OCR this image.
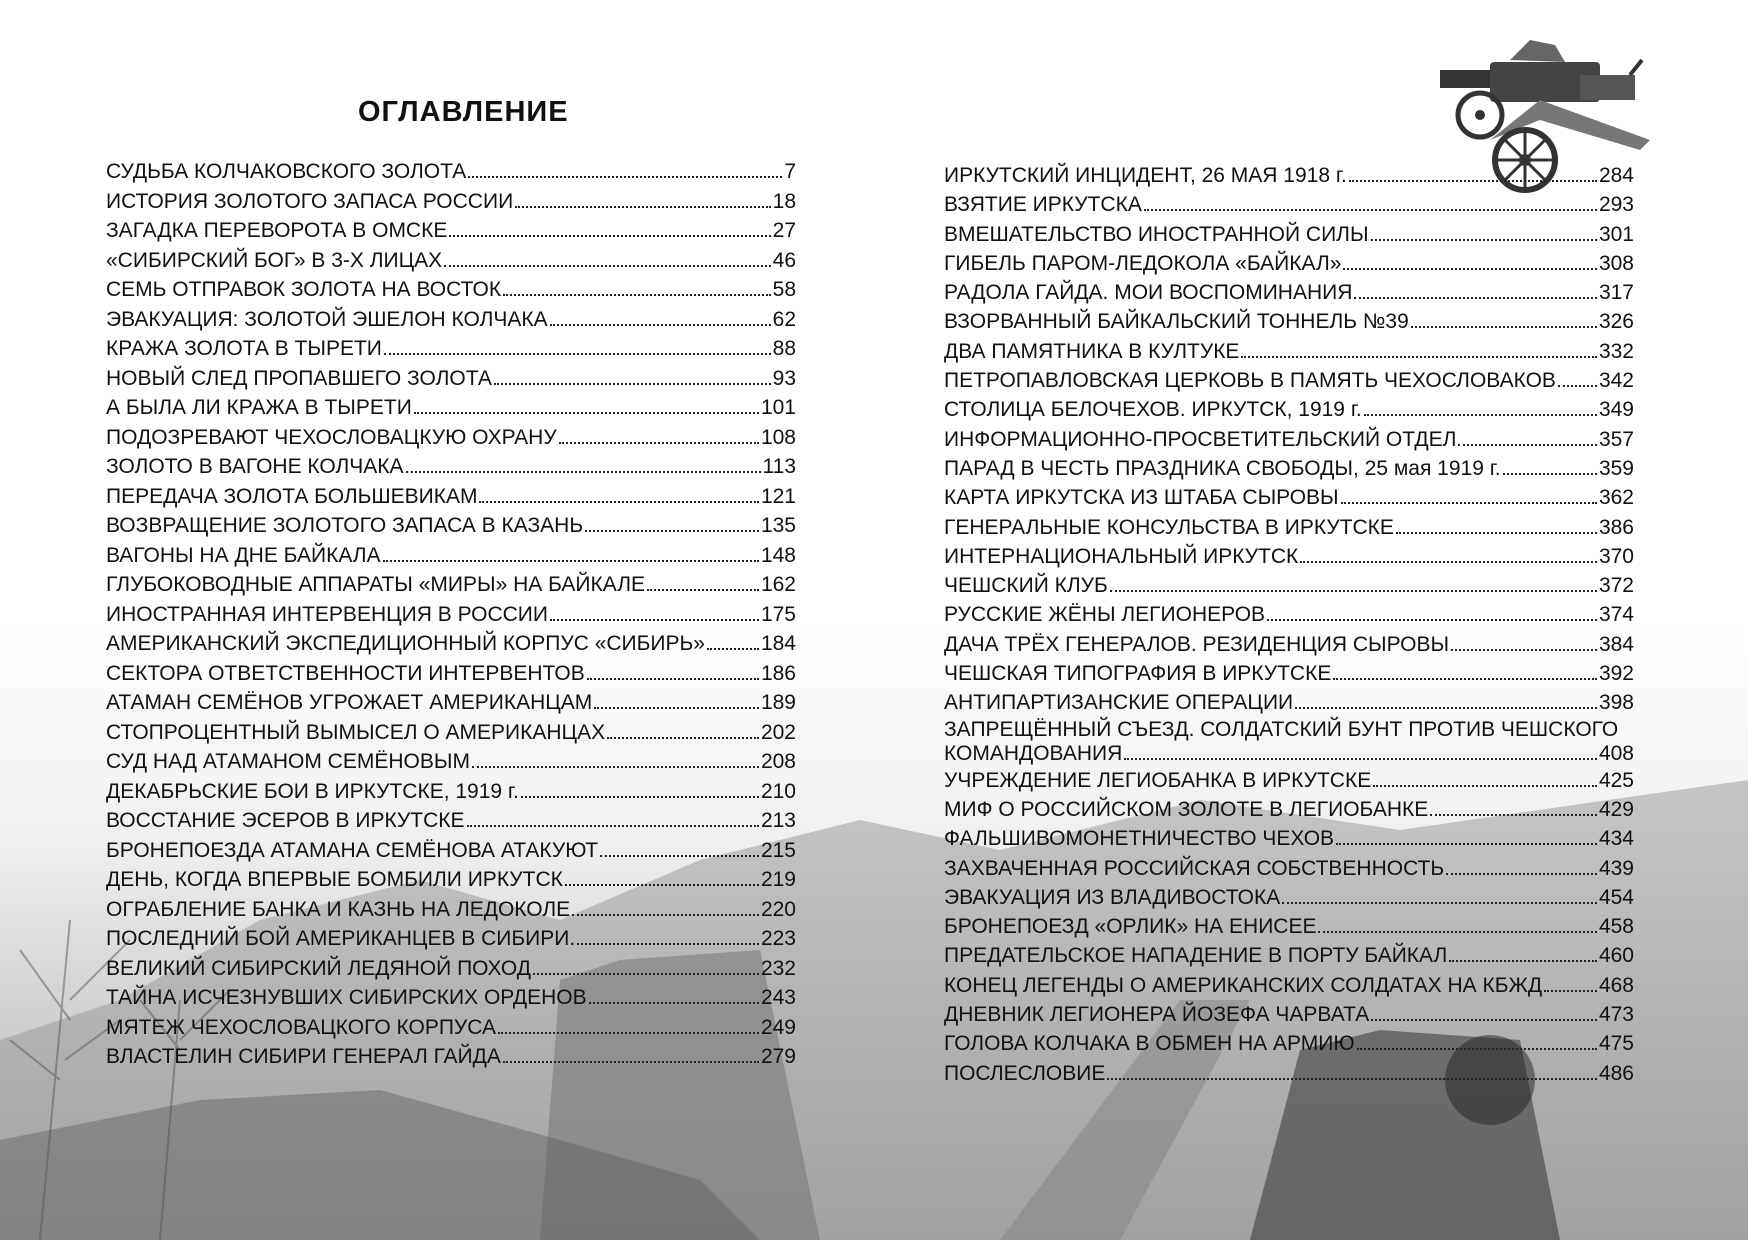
ОГЛАВЛЕНИЕ
СУДЬБА КОЛЧАКОВСКОГО ЗОЛОТА	7
ИСТОРИЯ ЗОЛОТОГО ЗАПАСА РОССИИ	18
ЗАГАДКА ПЕРЕВОРОТА В ОМСКЕ	27
«СИБИРСКИЙ БОГ» В 3-Х ЛИЦАХ	46
СЕМЬ ОТПРАВОК ЗОЛОТА НА ВОСТОК	58
ЭВАКУАЦИЯ: ЗОЛОТОЙ ЭШЕЛОН КОЛЧАКА	62
КРАЖА ЗОЛОТА В ТЫРЕТИ	88
НОВЫЙ СЛЕД ПРОПАВШЕГО ЗОЛОТА	93
А БЫЛА ЛИ КРАЖА В ТЫРЕТИ	101
ПОДОЗРЕВАЮТ ЧЕХОСЛОВАЦКУЮ ОХРАНУ	108
ЗОЛОТО В ВАГОНЕ КОЛЧАКА	113
ПЕРЕДАЧА ЗОЛОТА БОЛЬШЕВИКАМ	121
ВОЗВРАЩЕНИЕ ЗОЛОТОГО ЗАПАСА В КАЗАНЬ	135
ВАГОНЫ НА ДНЕ БАЙКАЛА	148
ГЛУБОКОВОДНЫЕ АППАРАТЫ «МИРЫ» НА БАЙКАЛЕ	162
ИНОСТРАННАЯ ИНТЕРВЕНЦИЯ В РОССИИ	175
АМЕРИКАНСКИЙ ЭКСПЕДИЦИОННЫЙ КОРПУС «СИБИРЬ»	184
СЕКТОРА ОТВЕТСТВЕННОСТИ ИНТЕРВЕНТОВ	186
АТАМАН СЕМЁНОВ УГРОЖАЕТ АМЕРИКАНЦАМ	189
СТОПРОЦЕНТНЫЙ ВЫМЫСЕЛ О АМЕРИКАНЦАХ	202
СУД НАД АТАМАНОМ СЕМЁНОВЫМ	208
ДЕКАБРЬСКИЕ БОИ В ИРКУТСКЕ, 1919 г.	210
ВОССТАНИЕ ЭСЕРОВ В ИРКУТСКЕ	213
БРОНЕПОЕЗДА АТАМАНА СЕМЁНОВА АТАКУЮТ	215
ДЕНЬ, КОГДА ВПЕРВЫЕ БОМБИЛИ ИРКУТСК	219
ОГРАБЛЕНИЕ БАНКА И КАЗНЬ НА ЛЕДОКОЛЕ	220
ПОСЛЕДНИЙ БОЙ АМЕРИКАНЦЕВ В СИБИРИ.	223
ВЕЛИКИЙ СИБИРСКИЙ ЛЕДЯНОЙ ПОХОД	232
ТАЙНА ИСЧЕЗНУВШИХ СИБИРСКИХ ОРДЕНОВ	243
МЯТЕЖ ЧЕХОСЛОВАЦКОГО КОРПУСА	249
ВЛАСТЕЛИН СИБИРИ ГЕНЕРАЛ ГАЙДА	279
ИРКУТСКИЙ ИНЦИДЕНТ, 26 МАЯ 1918 г.	284
ВЗЯТИЕ ИРКУТСКА	293
ВМЕШАТЕЛЬСТВО ИНОСТРАННОЙ СИЛЫ	301
ГИБЕЛЬ ПАРОМ-ЛЕДОКОЛА «БАЙКАЛ»	308
РАДОЛА ГАЙДА. МОИ ВОСПОМИНАНИЯ	317
ВЗОРВАННЫЙ БАЙКАЛЬСКИЙ ТОННЕЛЬ №39	326
ДВА ПАМЯТНИКА В КУЛТУКЕ	332
ПЕТРОПАВЛОВСКАЯ ЦЕРКОВЬ В ПАМЯТЬ ЧЕХОСЛОВАКОВ 342
СТОЛИЦА БЕЛОЧЕХОВ. ИРКУТСК, 1919 г.	349
ИНФОРМАЦИОННО-ПРОСВЕТИТЕЛЬСКИЙ ОТДЕЛ	357
ПАРАД В ЧЕСТЬ ПРАЗДНИКА СВОБОДЫ, 25 мая 1919 г.	359
КАРТА ИРКУТСКА ИЗ ШТАБА СЫРОВЫ	362
ГЕНЕРАЛЬНЫЕ КОНСУЛЬСТВА В ИРКУТСКЕ	386
ИНТЕРНАЦИОНАЛЬНЫЙ ИРКУТСК	370
ЧЕШСКИЙ КЛУБ	372
РУССКИЕ ЖЁНЫ ЛЕГИОНЕРОВ	374
ДАЧА ТРЁХ ГЕНЕРАЛОВ. РЕЗИДЕНЦИЯ СЫРОВЫ	384
ЧЕШСКАЯ ТИПОГРАФИЯ В ИРКУТСКЕ	392
АНТИПАРТИЗАНСКИЕ ОПЕРАЦИИ	398
ЗАПРЕЩЁННЫЙ СЪЕЗД. СОЛДАТСКИЙ БУНТ ПРОТИВ ЧЕШСКОГО
КОМАНДОВАНИЯ	408
УЧРЕЖДЕНИЕ ЛЕГИОБАНКА В ИРКУТСКЕ	425
МИФ О РОССИЙСКОМ ЗОЛОТЕ В ЛЕГИОБАНКЕ	429
ФАЛЬШИВОМОНЕТНИЧЕСТВО ЧЕХОВ	434
ЗАХВАЧЕННАЯ РОССИЙСКАЯ СОБСТВЕННОСТЬ	439
ЭВАКУАЦИЯ ИЗ ВЛАДИВОСТОКА	454
БРОНЕПОЕЗД «ОРЛИК» НА ЕНИСЕЕ	458
ПРЕДАТЕЛЬСКОЕ НАПАДЕНИЕ В ПОРТУ БАЙКАЛ	460
КОНЕЦ ЛЕГЕНДЫ О АМЕРИКАНСКИХ СОЛДАТАХ НА КБЖД	468
ДНЕВНИК ЛЕГИОНЕРА ЙОЗЕФА ЧАРВАТА	473
ГОЛОВА КОЛЧАКА В ОБМЕН НА АРМИЮ	475
ПОСЛЕСЛОВИЕ	486
